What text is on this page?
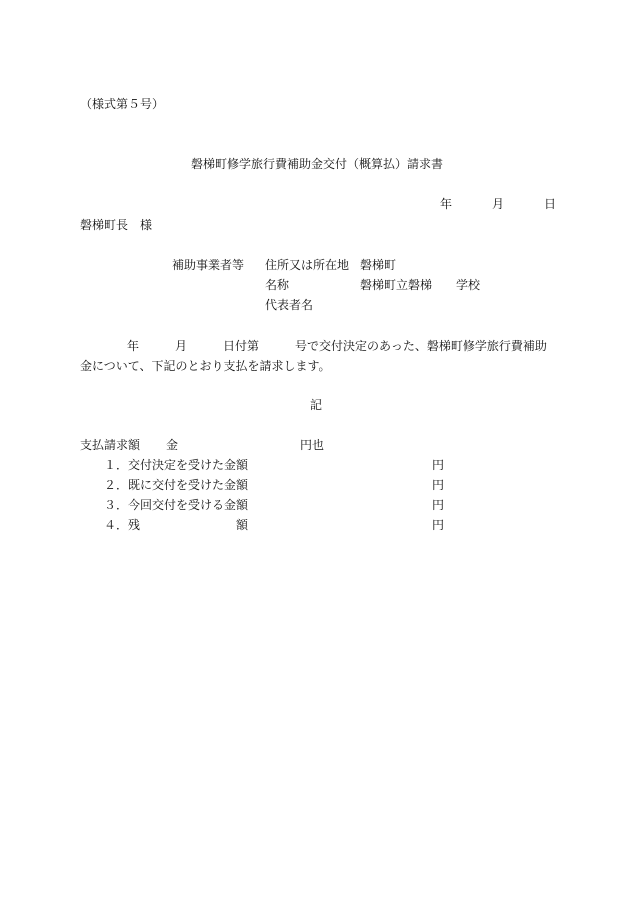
（様式第５号）
磐梯町修学旅行費補助金交付（概算払）請求書
年	月	日
磐梯町長　様
補助事業者等 住所又は所在地 磐梯町
名称	磐梯町立磐梯　　学校
代表者名
年　　　月　　　日付第　　　号で交付決定のあった、磐梯町修学旅行費補助
金について、下記のとおり支払を請求します。
記
支払請求額 金	円也
１．交付決定を受けた金額	円
２．既に交付を受けた金額	円
３．今回交付を受ける金額	円
４．残	額	円
